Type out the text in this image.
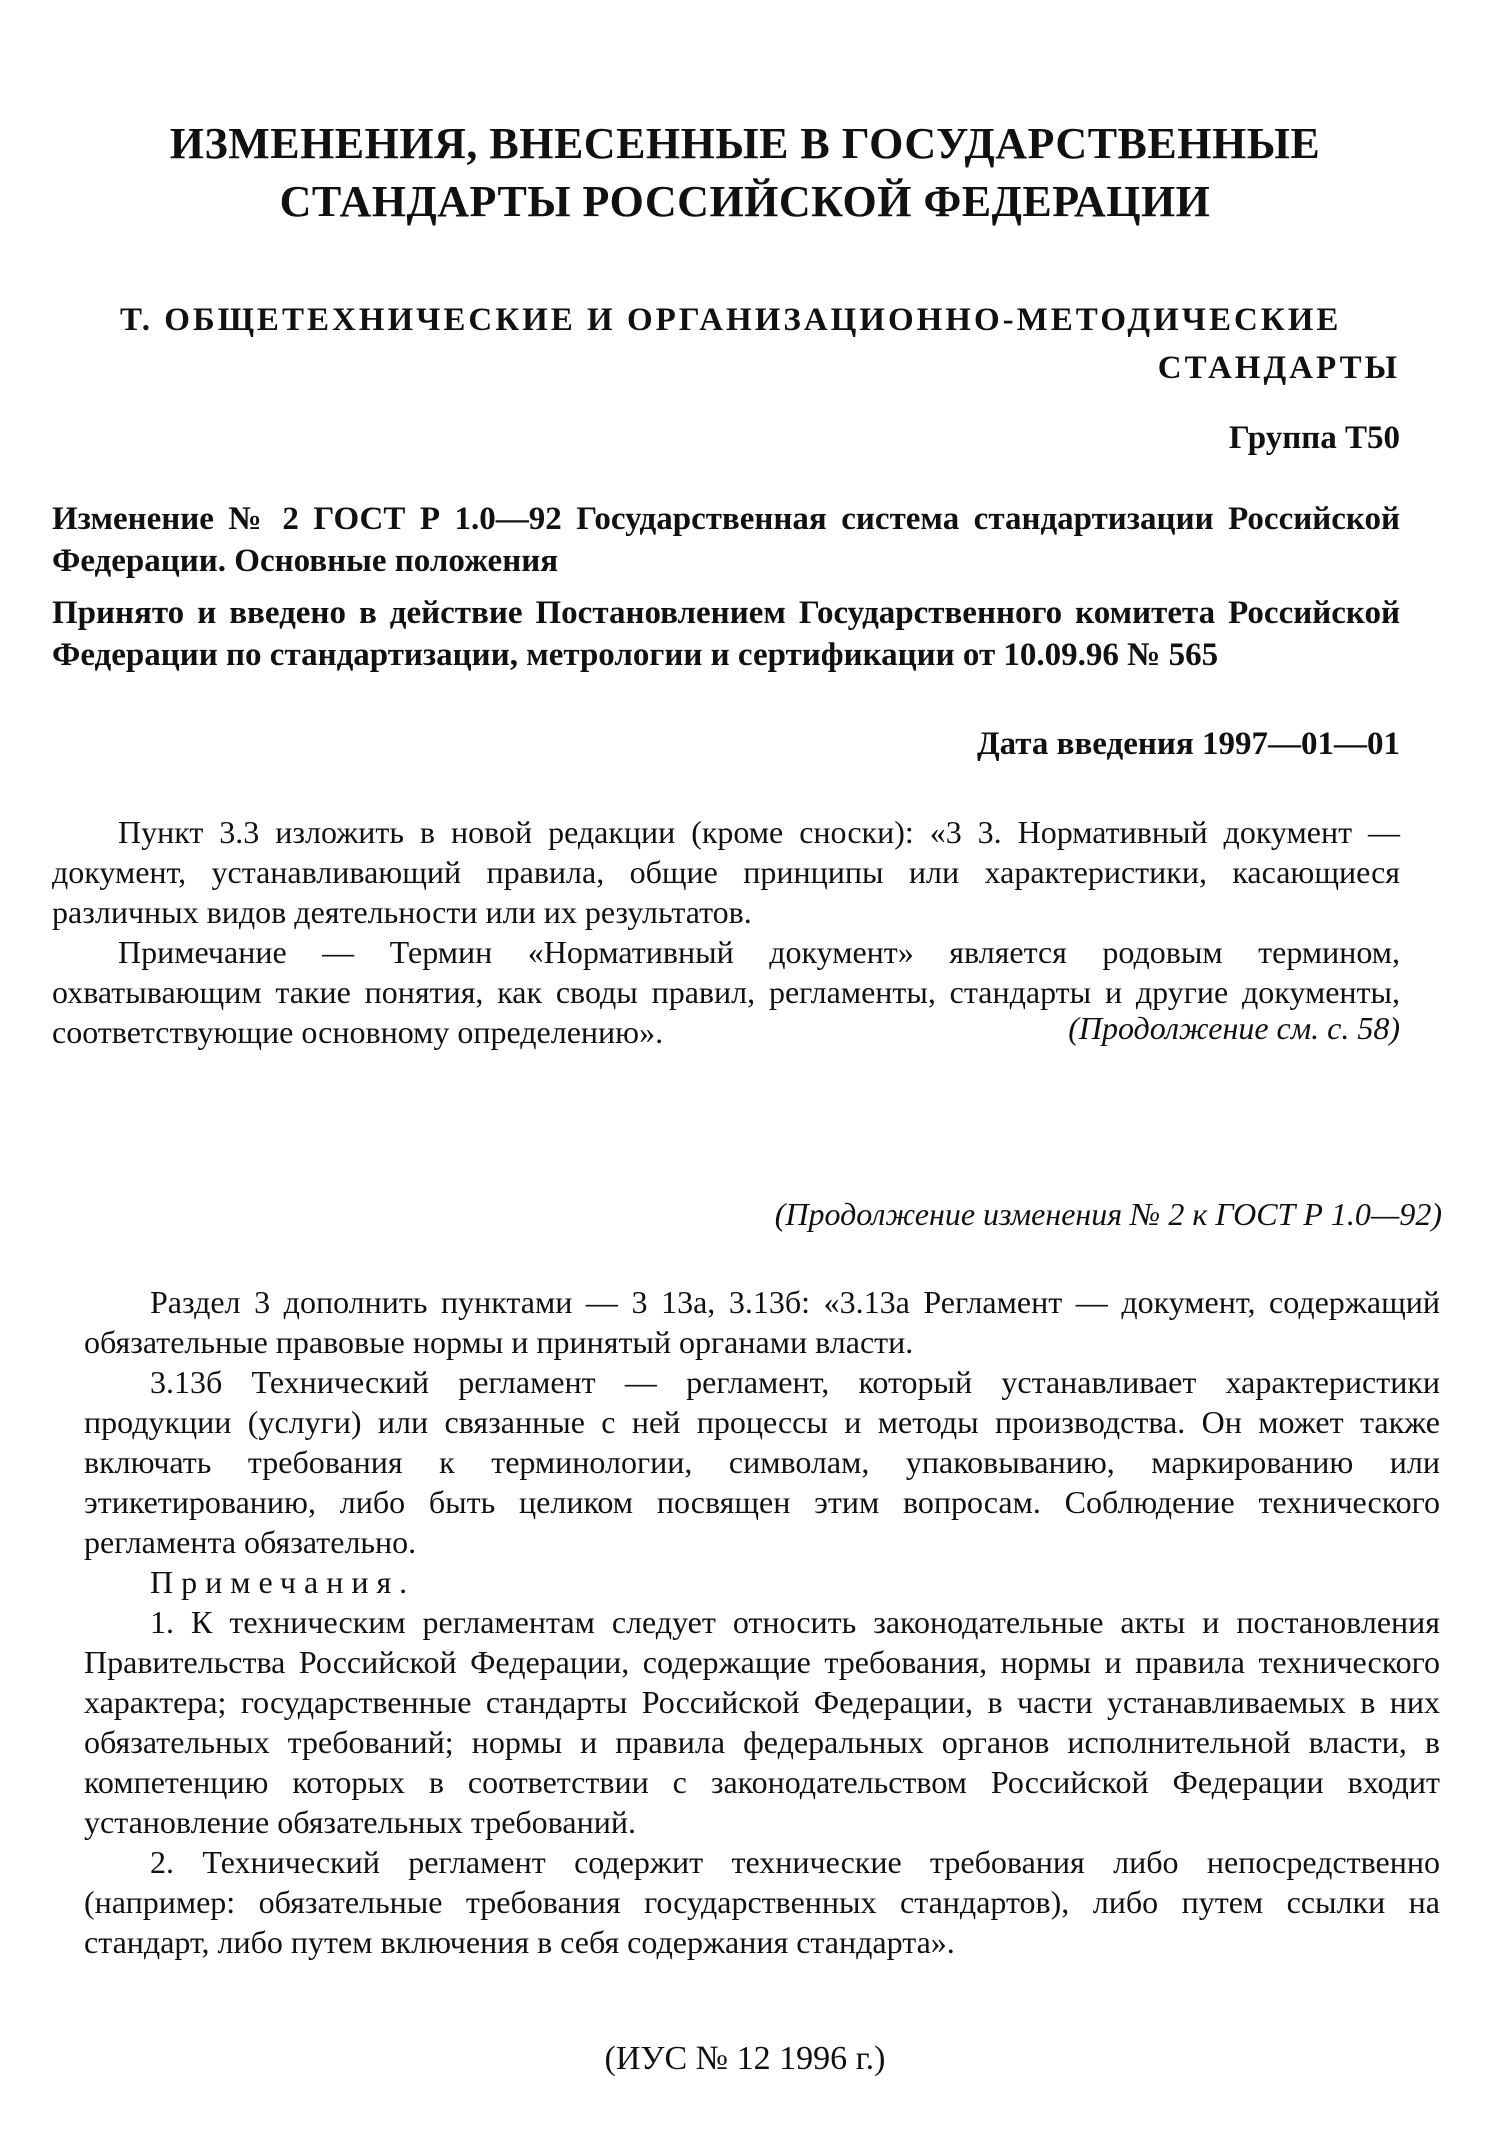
ИЗМЕНЕНИЯ, ВНЕСЕННЫЕ В ГОСУДАРСТВЕННЫЕ
СТАНДАРТЫ РОССИЙСКОЙ ФЕДЕРАЦИИ
Т. ОБЩЕТЕХНИЧЕСКИЕ И ОРГАНИЗАЦИОННО-МЕТОДИЧЕСКИЕ
СТАНДАРТЫ
Группа Т50
Изменение № 2 ГОСТ Р 1.0—92 Государственная система стандартизации Российской Федерации. Основные положения
Принято и введено в действие Постановлением Государственного комитета Российской Федерации по стандартизации, метрологии и сертификации от 10.09.96 № 565
Дата введения 1997—01—01

Пункт 3.3 изложить в новой редакции (кроме сноски): «3 3. Нормативный документ — документ, устанавливающий правила, общие принципы или характеристики, касающиеся различных видов деятельности или их результатов.

Примечание — Термин «Нормативный документ» является родовым термином, охватывающим такие понятия, как своды правил, регламенты, стандарты и другие документы, соответствующие основному определению».	(Продолжение см. с. 58)
(Продолжение изменения № 2 к ГОСТ Р 1.0—92)

Раздел 3 дополнить пунктами — 3 13а, 3.13б: «3.13а Регламент — документ, содержащий обязательные правовые нормы и принятый органами власти.

3.13б Технический регламент — регламент, который устанавливает характеристики продукции (услуги) или связанные с ней процессы и методы производства. Он может также включать требования к терминологии, символам, упаковыванию, маркированию или этикетированию, либо быть целиком посвящен этим вопросам. Соблюдение технического регламента обязательно.

Примечания.

1. К техническим регламентам следует относить законодательные акты и постановления Правительства Российской Федерации, содержащие требования, нормы и правила технического характера; государственные стандарты Российской Федерации, в части устанавливаемых в них обязательных требований; нормы и правила федеральных органов исполнительной власти, в компетенцию которых в соответствии с законодательством Российской Федерации входит установление обязательных требований.

2. Технический регламент содержит технические требования либо непосредственно (например: обязательные требования государственных стандартов), либо путем ссылки на стандарт, либо путем включения в себя содержания стандарта».

(ИУС № 12 1996 г.)
